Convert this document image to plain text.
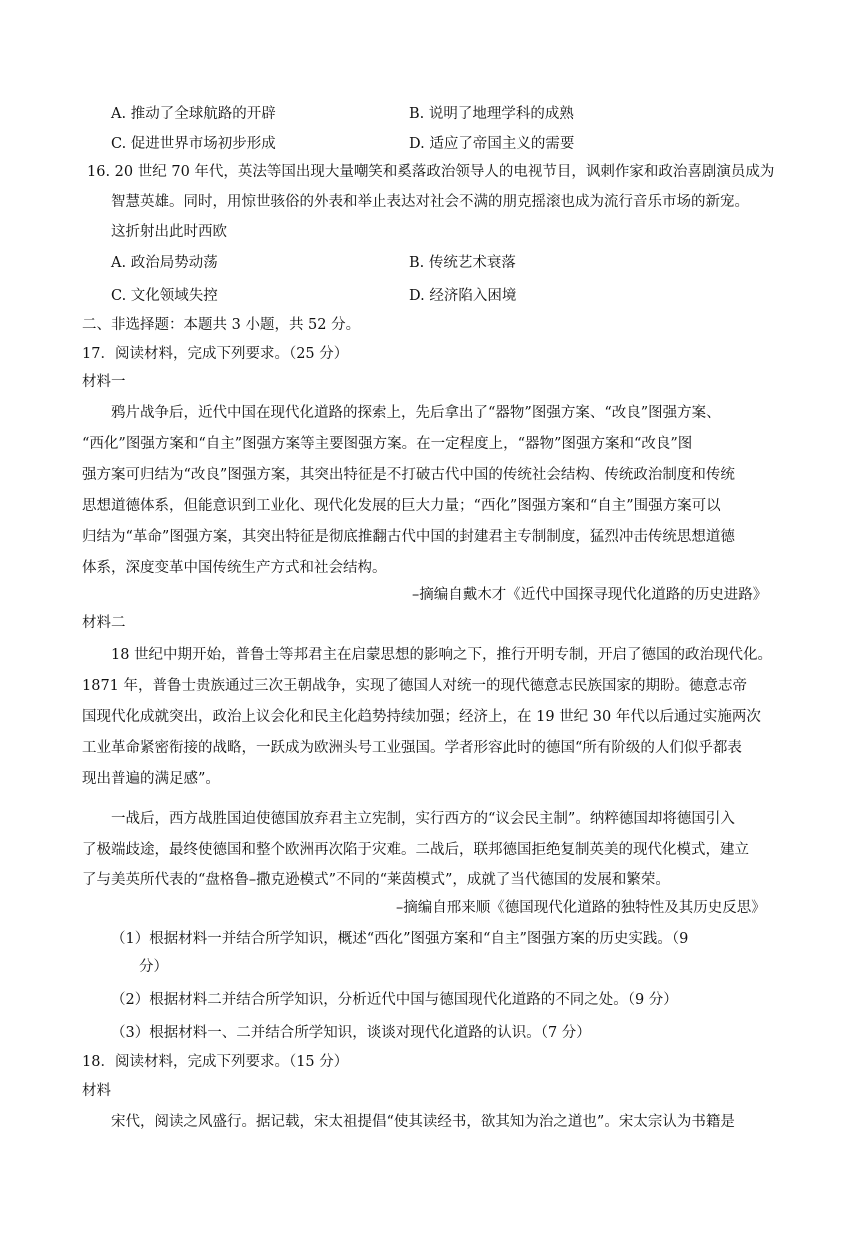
A. 推动了全球航路的开辟	B. 说明了地理学科的成熟
C. 促进世界市场初步形成	D. 适应了帝国主义的需要
16. 20 世纪 70 年代，英法等国出现大量嘲笑和奚落政治领导人的电视节目，讽刺作家和政治喜剧演员成为
智慧英雄。同时，用惊世骇俗的外表和举止表达对社会不满的朋克摇滚也成为流行音乐市场的新宠。
这折射出此时西欧
A. 政治局势动荡	B. 传统艺术衰落
C. 文化领域失控	D. 经济陷入困境
二、非选择题：本题共 3 小题，共 52 分。
17．阅读材料，完成下列要求。（25 分）
材料一
鸦片战争后，近代中国在现代化道路的探索上，先后拿出了“器物”图强方案、“改良”图强方案、
“西化”图强方案和“自主”图强方案等主要图强方案。在一定程度上，“器物”图强方案和“改良”图
强方案可归结为“改良”图强方案，其突出特征是不打破古代中国的传统社会结构、传统政治制度和传统
思想道德体系，但能意识到工业化、现代化发展的巨大力量；“西化”图强方案和“自主”围强方案可以
归结为“革命”图强方案，其突出特征是彻底推翻古代中国的封建君主专制制度，猛烈冲击传统思想道德
体系，深度变革中国传统生产方式和社会结构。
–摘编自戴木才《近代中国探寻现代化道路的历史进路》
材料二
18 世纪中期开始，普鲁士等邦君主在启蒙思想的影响之下，推行开明专制，开启了德国的政治现代化。
1871 年，普鲁士贵族通过三次王朝战争，实现了德国人对统一的现代德意志民族国家的期盼。德意志帝
国现代化成就突出，政治上议会化和民主化趋势持续加强；经济上，在 19 世纪 30 年代以后通过实施两次
工业革命紧密衔接的战略，一跃成为欧洲头号工业强国。学者形容此时的德国“所有阶级的人们似乎都表
现出普遍的满足感”。
一战后，西方战胜国迫使德国放弃君主立宪制，实行西方的“议会民主制”。纳粹德国却将德国引入
了极端歧途，最终使德国和整个欧洲再次陷于灾难。二战后，联邦德国拒绝复制英美的现代化模式，建立
了与美英所代表的“盘格鲁–撒克逊模式”不同的“莱茵模式”，成就了当代德国的发展和繁荣。
–摘编自邢来顺《德国现代化道路的独特性及其历史反思》
（1）根据材料一并结合所学知识，概述“西化”图强方案和“自主”图强方案的历史实践。（9
分）
（2）根据材料二并结合所学知识，分析近代中国与德国现代化道路的不同之处。（9 分）
（3）根据材料一、二并结合所学知识，谈谈对现代化道路的认识。（7 分）
18．阅读材料，完成下列要求。（15 分）
材料
宋代，阅读之风盛行。据记载，宋太祖提倡“使其读经书，欲其知为治之道也”。宋太宗认为书籍是
